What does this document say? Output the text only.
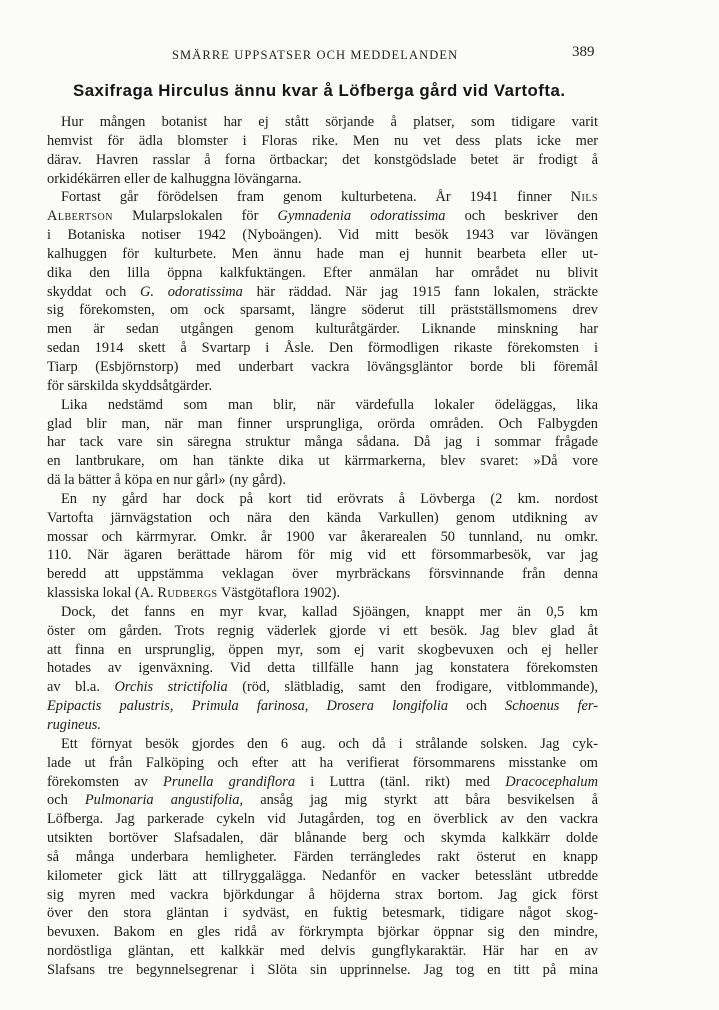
SMÄRRE UPPSATSER OCH MEDDELANDEN	389
Saxifraga Hirculus ännu kvar å Löfberga gård vid Vartofta.
Hur mången botanist har ej stått sörjande å platser, som tidigare varit
hemvist för ädla blomster i Floras rike. Men nu vet dess plats icke mer
därav. Havren rasslar å forna örtbackar; det konstgödslade betet är frodigt å
orkidékärren eller de kalhuggna lövängarna.
Fortast går förödelsen fram genom kulturbetena. År 1941 finner Nils
Albertson Mularpslokalen för Gymnadenia odoratissima och beskriver den
i Botaniska notiser 1942 (Nyboängen). Vid mitt besök 1943 var lövängen
kalhuggen för kulturbete. Men ännu hade man ej hunnit bearbeta eller ut-
dika den lilla öppna kalkfuktängen. Efter anmälan har området nu blivit
skyddat och G. odoratissima här räddad. När jag 1915 fann lokalen, sträckte
sig förekomsten, om ock sparsamt, längre söderut till prästställsmomens drev
men är sedan utgången genom kulturåtgärder. Liknande minskning har
sedan 1914 skett å Svartarp i Åsle. Den förmodligen rikaste förekomsten i
Tiarp (Esbjörnstorp) med underbart vackra lövängsgläntor borde bli föremål
för särskilda skyddsåtgärder.
Lika nedstämd som man blir, när värdefulla lokaler ödeläggas, lika
glad blir man, när man finner ursprungliga, orörda områden. Och Falbygden
har tack vare sin säregna struktur många sådana. Då jag i sommar frågade
en lantbrukare, om han tänkte dika ut kärrmarkerna, blev svaret: »Då vore
dä la bätter å köpa en nur gårl» (ny gård).
En ny gård har dock på kort tid erövrats å Lövberga (2 km. nordost
Vartofta järnvägstation och nära den kända Varkullen) genom utdikning av
mossar och kärrmyrar. Omkr. år 1900 var åkerarealen 50 tunnland, nu omkr.
110. När ägaren berättade härom för mig vid ett försommarbesök, var jag
beredd att uppstämma veklagan över myrbräckans försvinnande från denna
klassiska lokal (A. Rudbergs Västgötaflora 1902).
Dock, det fanns en myr kvar, kallad Sjöängen, knappt mer än 0,5 km
öster om gården. Trots regnig väderlek gjorde vi ett besök. Jag blev glad åt
att finna en ursprunglig, öppen myr, som ej varit skogbevuxen och ej heller
hotades av igenväxning. Vid detta tillfälle hann jag konstatera förekomsten
av bl.a. Orchis strictifolia (röd, slätbladig, samt den frodigare, vitblommande),
Epipactis palustris, Primula farinosa, Drosera longifolia och Schoenus fer-
rugineus.
Ett förnyat besök gjordes den 6 aug. och då i strålande solsken. Jag cyk-
lade ut från Falköping och efter att ha verifierat försommarens misstanke om
förekomsten av Prunella grandiflora i Luttra (tänl. rikt) med Dracocephalum
och Pulmonaria angustifolia, ansåg jag mig styrkt att båra besvikelsen å
Löfberga. Jag parkerade cykeln vid Jutagården, tog en överblick av den vackra
utsikten bortöver Slafsadalen, där blånande berg och skymda kalkkärr dolde
så många underbara hemligheter. Färden terrängledes rakt österut en knapp
kilometer gick lätt att tillryggalägga. Nedanför en vacker betesslänt utbredde
sig myren med vackra björkdungar å höjderna strax bortom. Jag gick först
över den stora gläntan i sydväst, en fuktig betesmark, tidigare något skog-
bevuxen. Bakom en gles ridå av förkrympta björkar öppnar sig den mindre,
nordöstliga gläntan, ett kalkkär med delvis gungflykaraktär. Här har en av
Slafsans tre begynnelsegrenar i Slöta sin upprinnelse. Jag tog en titt på mina
